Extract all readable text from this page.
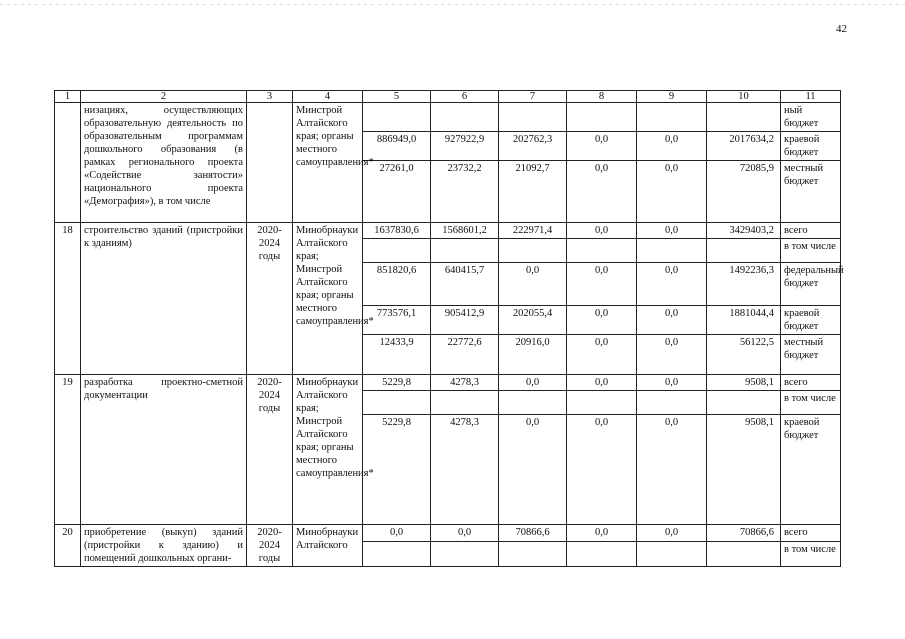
42
1	2	3	4	5	6	7	8	9	10	11
	низациях, осуществляющих образовательную деятельность по образовательным программам дошкольного образования (в рамках регионального проекта «Содействие занятости» национального проекта «Демография»), в том числе		Минстрой Алтайского края; органы местного самоуправления*							ный бюджет
				886949,0	927922,9	202762,3	0,0	0,0	2017634,2	краевой бюджет
				27261,0	23732,2	21092,7	0,0	0,0	72085,9	местный бюджет
18	строительство зданий (пристройки к зданиям)	2020-2024 годы	Минобрнауки Алтайского края; Минстрой Алтайского края; органы местного самоуправления*	1637830,6	1568601,2	222971,4	0,0	0,0	3429403,2	всего
										в том числе
				851820,6	640415,7	0,0	0,0	0,0	1492236,3	федеральный бюджет
				773576,1	905412,9	202055,4	0,0	0,0	1881044,4	краевой бюджет
				12433,9	22772,6	20916,0	0,0	0,0	56122,5	местный бюджет
19	разработка проектно-сметной документации	2020-2024 годы	Минобрнауки Алтайского края; Минстрой Алтайского края; органы местного самоуправления*	5229,8	4278,3	0,0	0,0	0,0	9508,1	всего
										в том числе
				5229,8	4278,3	0,0	0,0	0,0	9508,1	краевой бюджет
20	приобретение (выкуп) зданий (пристройки к зданию) и помещений дошкольных органи-	2020-2024 годы	Минобрнауки Алтайского	0,0	0,0	70866,6	0,0	0,0	70866,6	всего
										в том числе
